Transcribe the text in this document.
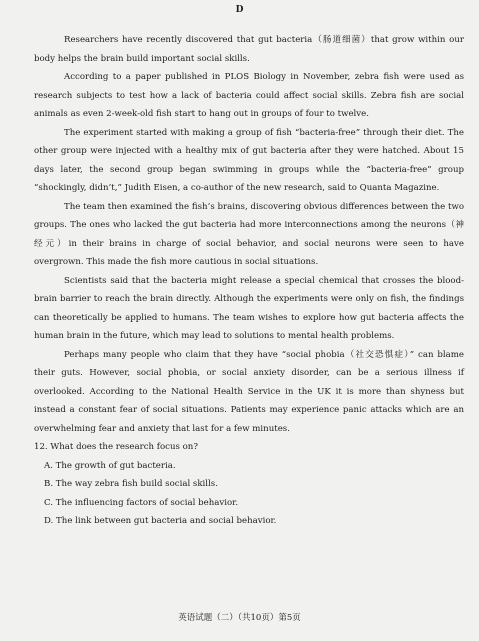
D

Researchers have recently discovered that gut bacteria（肠道细菌）that grow within our body helps the brain build important social skills.

According to a paper published in PLOS Biology in November, zebra fish were used as research subjects to test how a lack of bacteria could affect social skills. Zebra fish are social animals as even 2-week-old fish start to hang out in groups of four to twelve.

The experiment started with making a group of fish “bacteria-free” through their diet. The other group were injected with a healthy mix of gut bacteria after they were hatched. About 15 days later, the second group began swimming in groups while the “bacteria-free” group “shockingly, didn’t,” Judith Eisen, a co-author of the new research, said to Quanta Magazine.

The team then examined the fish’s brains, discovering obvious differences between the two groups. The ones who lacked the gut bacteria had more interconnections among the neurons（神经元）in their brains in charge of social behavior, and social neurons were seen to have overgrown. This made the fish more cautious in social situations.

Scientists said that the bacteria might release a special chemical that crosses the blood-brain barrier to reach the brain directly. Although the experiments were only on fish, the findings can theoretically be applied to humans. The team wishes to explore how gut bacteria affects the human brain in the future, which may lead to solutions to mental health problems.

Perhaps many people who claim that they have “social phobia（社交恐惧症）” can blame their guts. However, social phobia, or social anxiety disorder, can be a serious illness if overlooked. According to the National Health Service in the UK it is more than shyness but instead a constant fear of social situations. Patients may experience panic attacks which are an overwhelming fear and anxiety that last for a few minutes.

12. What does the research focus on?
A. The growth of gut bacteria.
B. The way zebra fish build social skills.
C. The influencing factors of social behavior.
D. The link between gut bacteria and social behavior.
英语试题（二）（共10页）第5页
